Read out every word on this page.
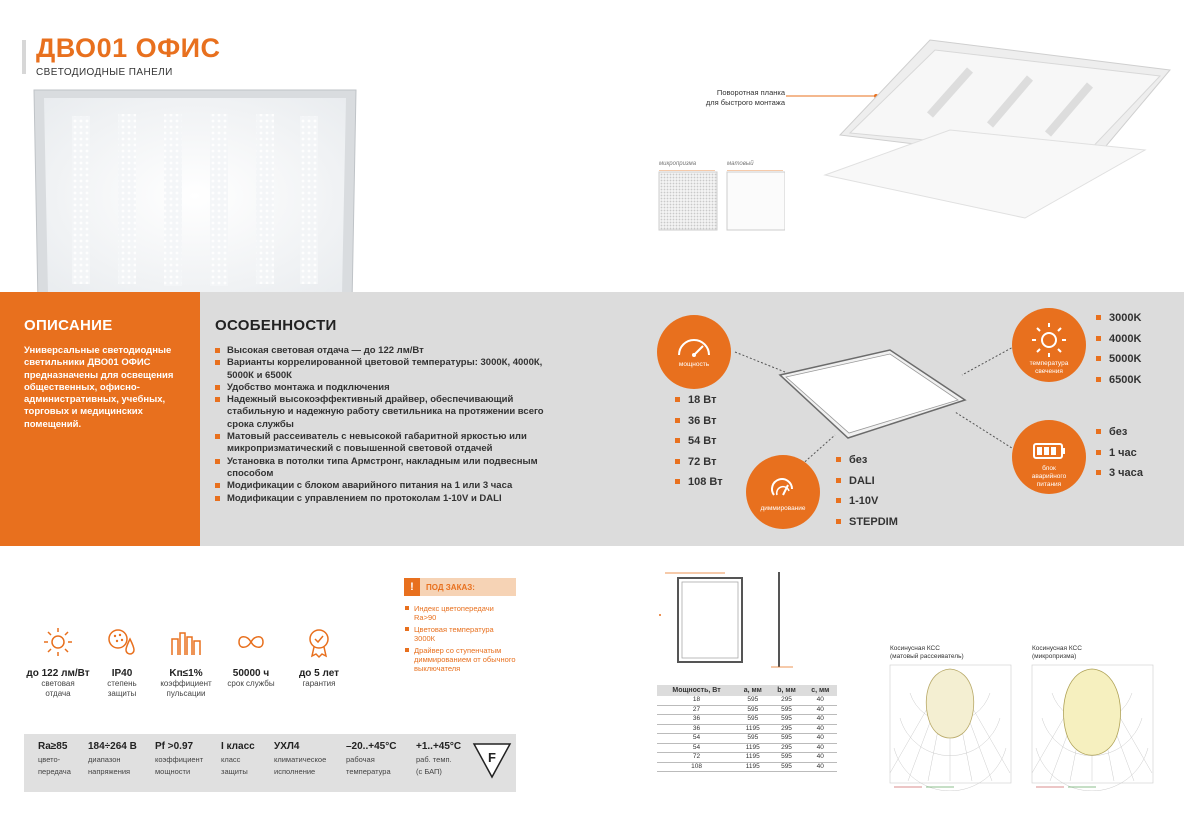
ДВО01 ОФИС
СВЕТОДИОДНЫЕ ПАНЕЛИ
Поворотная планка
для быстрого монтажа
микропризма	матовый
ОПИСАНИЕ
Универсальные светодиодные светильники ДВО01 ОФИС предназначены для освещения общественных, офисно-административных, учебных, торговых и медицинских помещений.
ОСОБЕННОСТИ
Высокая световая отдача — до 122 лм/Вт
Варианты коррелированной цветовой температуры: 3000К, 4000К, 5000К и 6500К
Удобство монтажа и подключения
Надежный высокоэффективный драйвер, обеспечивающий стабильную и надежную работу светильника на протяжении всего срока службы
Матовый рассеиватель с невысокой габаритной яркостью или микропризматический с повышенной световой отдачей
Установка в потолки типа Армстронг, накладным или подвесным способом
Модификации с блоком аварийного питания на 1 или 3 часа
Модификации с управлением по протоколам 1-10V и DALI
мощность
18 Вт
36 Вт
54 Вт
72 Вт
108 Вт
диммирование
без
DALI
1-10V
STEPDIM
температура
свечения
3000K
4000K
5000K
6500K
блок
аварийного
питания
без
1 час
3 часа
до 122 лм/Вт
световая
отдача
IP40
степень
защиты
Kп≤1%
коэффициент
пульсации
50000 ч
срок службы
до 5 лет
гарантия
!	ПОД ЗАКАЗ:
Индекс цветопередачи Ra>90
Цветовая температура 3000К
Драйвер со ступенчатым диммированием от обычного выключателя
Ra≥85
цвето-
передача
184÷264 В
диапазон
напряжения
Pf >0.97
коэффициент
мощности
I класс
класс
защиты
УХЛ4
климатическое
исполнение
–20..+45°С
рабочая
температура
+1..+45°С
раб. темп.
(с БАП)
F
Мощность, Вт	a, мм	b, мм	c, мм
18	595	295	40
27	595	595	40
36	595	595	40
36	1195	295	40
54	595	595	40
54	1195	295	40
72	1195	595	40
108	1195	595	40
Косинусная КСС
(матовый рассеиватель)
Косинусная КСС
(микропризма)
